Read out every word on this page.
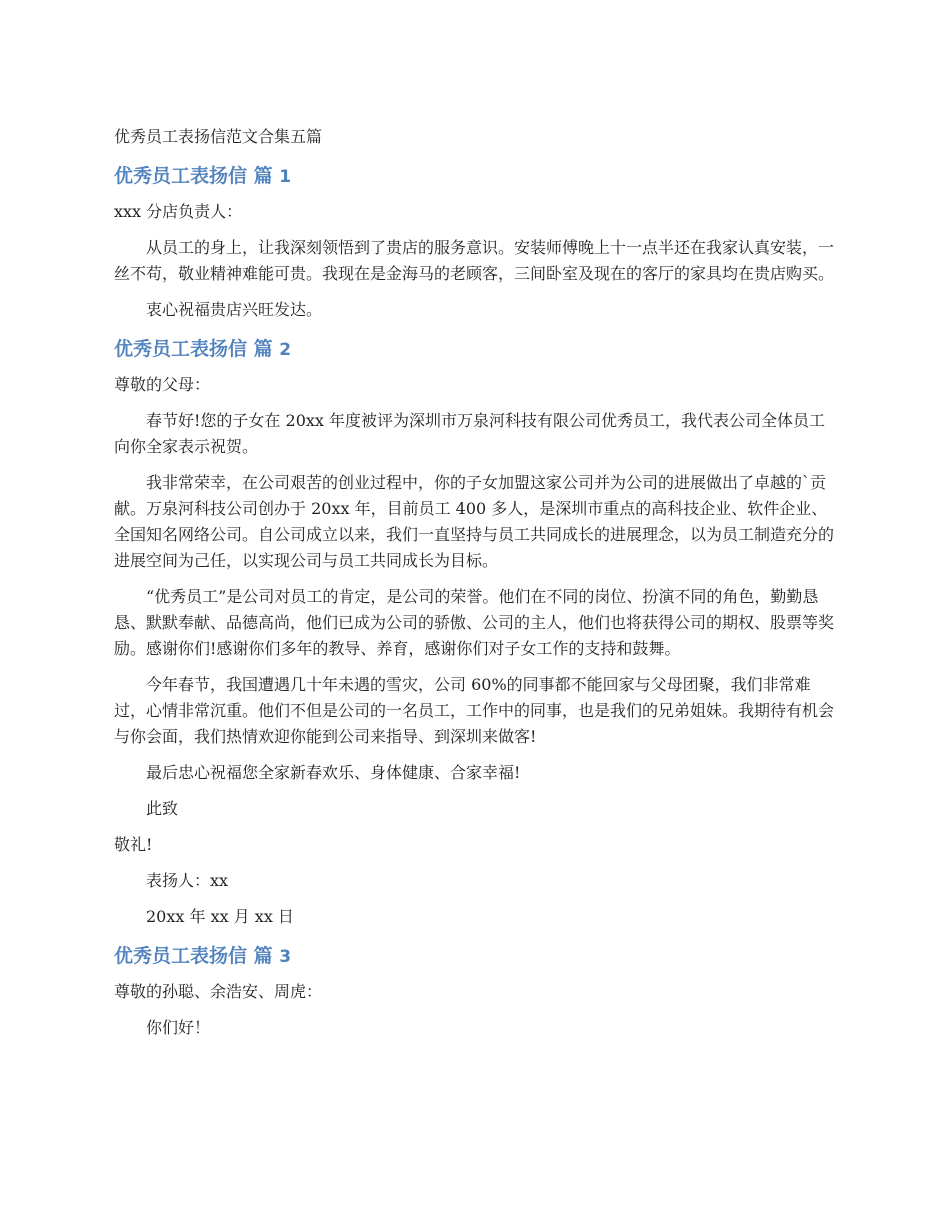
优秀员工表扬信范文合集五篇
优秀员工表扬信 篇 1

xxx 分店负责人：

从员工的身上，让我深刻领悟到了贵店的服务意识。安装师傅晚上十一点半还在我家认真安装，一丝不苟，敬业精神难能可贵。我现在是金海马的老顾客，三间卧室及现在的客厅的家具均在贵店购买。

衷心祝福贵店兴旺发达。

优秀员工表扬信 篇 2

尊敬的父母：

春节好!您的子女在 20xx 年度被评为深圳市万泉河科技有限公司优秀员工，我代表公司全体员工向你全家表示祝贺。

我非常荣幸，在公司艰苦的创业过程中，你的子女加盟这家公司并为公司的进展做出了卓越的`贡献。万泉河科技公司创办于 20xx 年，目前员工 400 多人，是深圳市重点的高科技企业、软件企业、全国知名网络公司。自公司成立以来，我们一直坚持与员工共同成长的进展理念，以为员工制造充分的进展空间为己任，以实现公司与员工共同成长为目标。

“优秀员工”是公司对员工的肯定，是公司的荣誉。他们在不同的岗位、扮演不同的角色，勤勤恳恳、默默奉献、品德高尚，他们已成为公司的骄傲、公司的主人，他们也将获得公司的期权、股票等奖励。感谢你们!感谢你们多年的教导、养育，感谢你们对子女工作的支持和鼓舞。

今年春节，我国遭遇几十年未遇的雪灾，公司 60%的同事都不能回家与父母团聚，我们非常难过，心情非常沉重。他们不但是公司的一名员工，工作中的同事，也是我们的兄弟姐妹。我期待有机会与你会面，我们热情欢迎你能到公司来指导、到深圳来做客!

最后忠心祝福您全家新春欢乐、身体健康、合家幸福!

此致

敬礼!

表扬人：xx

20xx 年 xx 月 xx 日

优秀员工表扬信 篇 3

尊敬的孙聪、余浩安、周虎：

你们好！
